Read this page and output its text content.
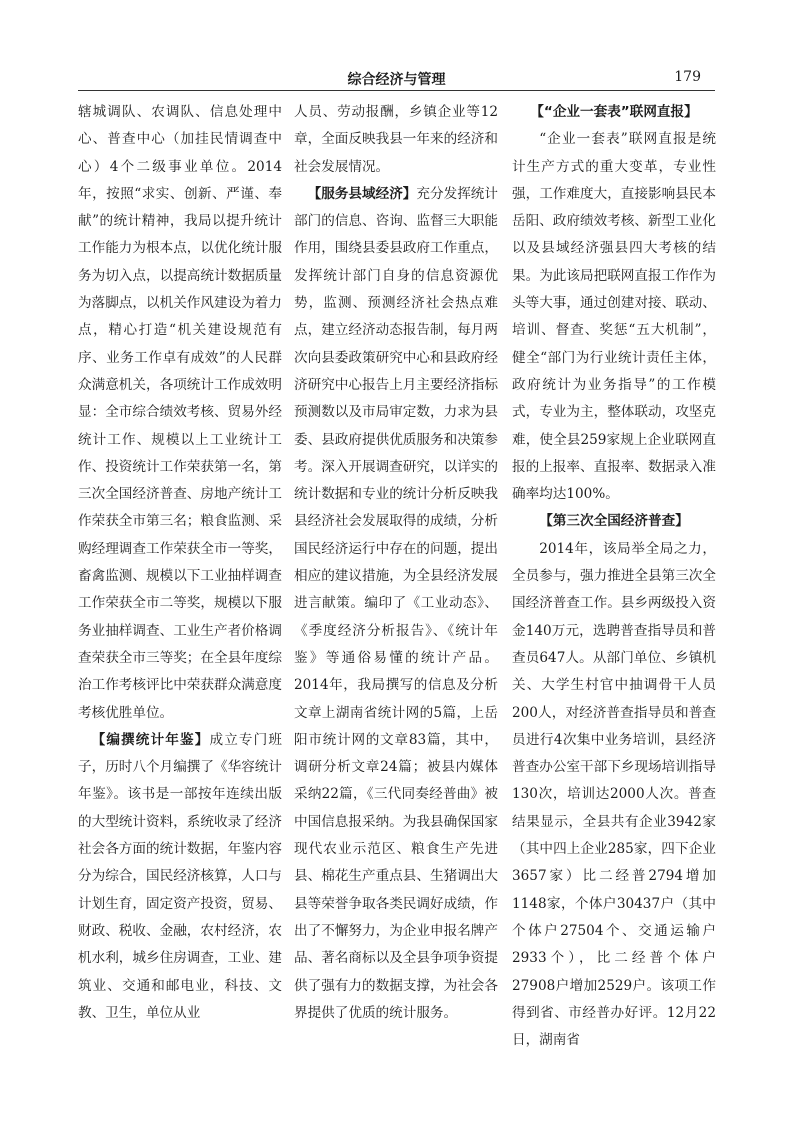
综合经济与管理	179

辖城调队、农调队、信息处理中心、普查中心（加挂民情调查中心）4个二级事业单位。2014年，按照“求实、创新、严谨、奉献”的统计精神，我局以提升统计工作能力为根本点，以优化统计服务为切入点，以提高统计数据质量为落脚点，以机关作风建设为着力点，精心打造“机关建设规范有序、业务工作卓有成效”的人民群众满意机关，各项统计工作成效明显：全市综合绩效考核、贸易外经统计工作、规模以上工业统计工作、投资统计工作荣获第一名，第三次全国经济普查、房地产统计工作荣获全市第三名；粮食监测、采购经理调查工作荣获全市一等奖，畜禽监测、规模以下工业抽样调查工作荣获全市二等奖，规模以下服务业抽样调查、工业生产者价格调查荣获全市三等奖；在全县年度综治工作考核评比中荣获群众满意度考核优胜单位。

【编撰统计年鉴】成立专门班子，历时八个月编撰了《华容统计年鉴》。该书是一部按年连续出版的大型统计资料，系统收录了经济社会各方面的统计数据，年鉴内容分为综合，国民经济核算，人口与计划生育，固定资产投资，贸易、财政、税收、金融，农村经济，农机水利，城乡住房调查，工业、建筑业、交通和邮电业，科技、文教、卫生，单位从业

人员、劳动报酬，乡镇企业等12章，全面反映我县一年来的经济和社会发展情况。

【服务县域经济】充分发挥统计部门的信息、咨询、监督三大职能作用，围绕县委县政府工作重点，发挥统计部门自身的信息资源优势，监测、预测经济社会热点难点，建立经济动态报告制，每月两次向县委政策研究中心和县政府经济研究中心报告上月主要经济指标预测数以及市局审定数，力求为县委、县政府提供优质服务和决策参考。深入开展调查研究，以详实的统计数据和专业的统计分析反映我县经济社会发展取得的成绩，分析国民经济运行中存在的问题，提出相应的建议措施，为全县经济发展进言献策。编印了《工业动态》、《季度经济分析报告》、《统计年鉴》等通俗易懂的统计产品。2014年，我局撰写的信息及分析文章上湖南省统计网的5篇，上岳阳市统计网的文章83篇，其中，调研分析文章24篇；被县内媒体采纳22篇，《三代同奏经普曲》被中国信息报采纳。为我县确保国家现代农业示范区、粮食生产先进县、棉花生产重点县、生猪调出大县等荣誉争取各类民调好成绩，作出了不懈努力，为企业申报名牌产品、著名商标以及全县争项争资提供了强有力的数据支撑，为社会各界提供了优质的统计服务。

【“企业一套表”联网直报】

“企业一套表”联网直报是统计生产方式的重大变革，专业性强，工作难度大，直接影响县民本岳阳、政府绩效考核、新型工业化以及县域经济强县四大考核的结果。为此该局把联网直报工作作为头等大事，通过创建对接、联动、培训、督查、奖惩“五大机制”，健全“部门为行业统计责任主体，政府统计为业务指导”的工作模式，专业为主，整体联动，攻坚克难，使全县259家规上企业联网直报的上报率、直报率、数据录入准确率均达100%。

【第三次全国经济普查】

2014年，该局举全局之力，全员参与，强力推进全县第三次全国经济普查工作。县乡两级投入资金140万元，选聘普查指导员和普查员647人。从部门单位、乡镇机关、大学生村官中抽调骨干人员200人，对经济普查指导员和普查员进行4次集中业务培训，县经济普查办公室干部下乡现场培训指导130次，培训达2000人次。普查结果显示，全县共有企业3942家（其中四上企业285家，四下企业3657家）比二经普2794增加1148家，个体户30437户（其中个体户27504个、交通运输户2933个），比二经普个体户27908户增加2529户。该项工作得到省、市经普办好评。12月22日，湖南省
